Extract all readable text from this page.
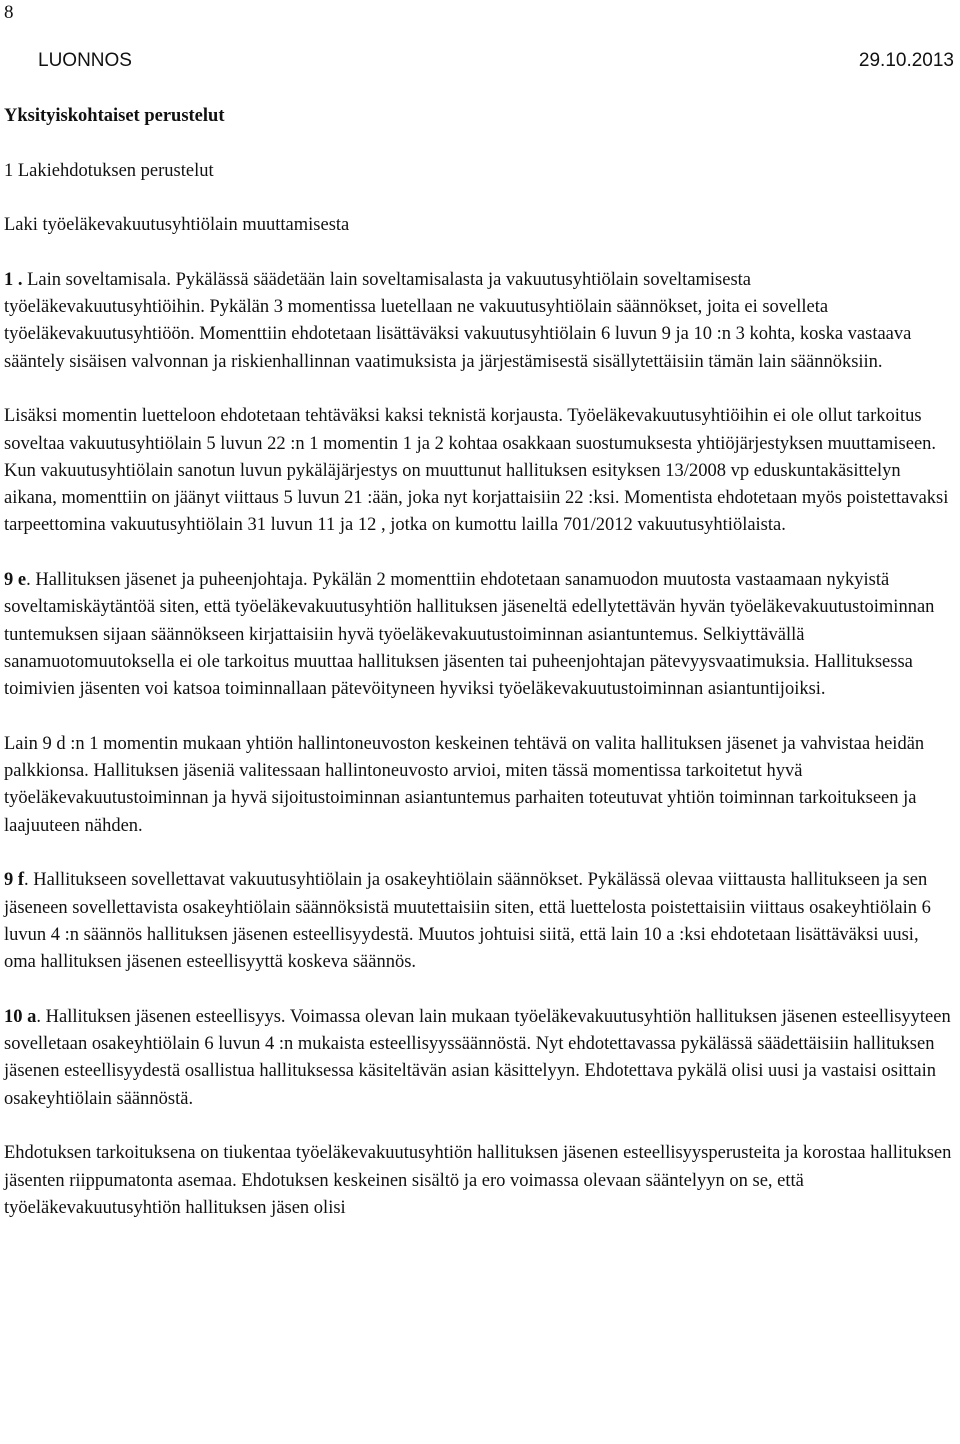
8
LUONNOS	29.10.2013

Yksityiskohtaiset perustelut

1 Lakiehdotuksen perustelut

Laki työeläkevakuutusyhtiölain muuttamisesta

1 . Lain soveltamisala. Pykälässä säädetään lain soveltamisalasta ja vakuutusyhtiölain soveltamisesta työeläkevakuutusyhtiöihin. Pykälän 3 momentissa luetellaan ne vakuutusyhtiölain säännökset, joita ei sovelleta työeläkevakuutusyhtiöön. Momenttiin ehdotetaan lisättäväksi vakuutusyhtiölain 6 luvun 9 ja 10 :n 3 kohta, koska vastaava sääntely sisäisen valvonnan ja riskienhallinnan vaatimuksista ja järjestämisestä sisällytettäisiin tämän lain säännöksiin.

Lisäksi momentin luetteloon ehdotetaan tehtäväksi kaksi teknistä korjausta. Työeläkevakuutusyhtiöihin ei ole ollut tarkoitus soveltaa vakuutusyhtiölain 5 luvun 22 :n 1 momentin 1 ja 2 kohtaa osakkaan suostumuksesta yhtiöjärjestyksen muuttamiseen. Kun vakuutusyhtiölain sanotun luvun pykäläjärjestys on muuttunut hallituksen esityksen 13/2008 vp eduskuntakäsittelyn aikana, momenttiin on jäänyt viittaus 5 luvun 21 :ään, joka nyt korjattaisiin 22 :ksi. Momentista ehdotetaan myös poistettavaksi tarpeettomina vakuutusyhtiölain 31 luvun 11 ja 12 , jotka on kumottu lailla 701/2012 vakuutusyhtiölaista.

9 e. Hallituksen jäsenet ja puheenjohtaja. Pykälän 2 momenttiin ehdotetaan sanamuodon muutosta vastaamaan nykyistä soveltamiskäytäntöä siten, että työeläkevakuutusyhtiön hallituksen jäseneltä edellytettävän hyvän työeläkevakuutustoiminnan tuntemuksen sijaan säännökseen kirjattaisiin hyvä työeläkevakuutustoiminnan asiantuntemus. Selkiyttävällä sanamuotomuutoksella ei ole tarkoitus muuttaa hallituksen jäsenten tai puheenjohtajan pätevyysvaatimuksia. Hallituksessa toimivien jäsenten voi katsoa toiminnallaan pätevöityneen hyviksi työeläkevakuutustoiminnan asiantuntijoiksi.

Lain 9 d :n 1 momentin mukaan yhtiön hallintoneuvoston keskeinen tehtävä on valita hallituksen jäsenet ja vahvistaa heidän palkkionsa. Hallituksen jäseniä valitessaan hallintoneuvosto arvioi, miten tässä momentissa tarkoitetut hyvä työeläkevakuutustoiminnan ja hyvä sijoitustoiminnan asiantuntemus parhaiten toteutuvat yhtiön toiminnan tarkoitukseen ja laajuuteen nähden.

9 f. Hallitukseen sovellettavat vakuutusyhtiölain ja osakeyhtiölain säännökset. Pykälässä olevaa viittausta hallitukseen ja sen jäseneen sovellettavista osakeyhtiölain säännöksistä muutettaisiin siten, että luettelosta poistettaisiin viittaus osakeyhtiölain 6 luvun 4 :n säännös hallituksen jäsenen esteellisyydestä. Muutos johtuisi siitä, että lain 10 a :ksi ehdotetaan lisättäväksi uusi, oma hallituksen jäsenen esteellisyyttä koskeva säännös.

10 a. Hallituksen jäsenen esteellisyys. Voimassa olevan lain mukaan työeläkevakuutusyhtiön hallituksen jäsenen esteellisyyteen sovelletaan osakeyhtiölain 6 luvun 4 :n mukaista esteellisyyssäännöstä. Nyt ehdotettavassa pykälässä säädettäisiin hallituksen jäsenen esteellisyydestä osallistua hallituksessa käsiteltävän asian käsittelyyn. Ehdotettava pykälä olisi uusi ja vastaisi osittain osakeyhtiölain säännöstä.

Ehdotuksen tarkoituksena on tiukentaa työeläkevakuutusyhtiön hallituksen jäsenen esteellisyysperusteita ja korostaa hallituksen jäsenten riippumatonta asemaa. Ehdotuksen keskeinen sisältö ja ero voimassa olevaan sääntelyyn on se, että työeläkevakuutusyhtiön hallituksen jäsen olisi
